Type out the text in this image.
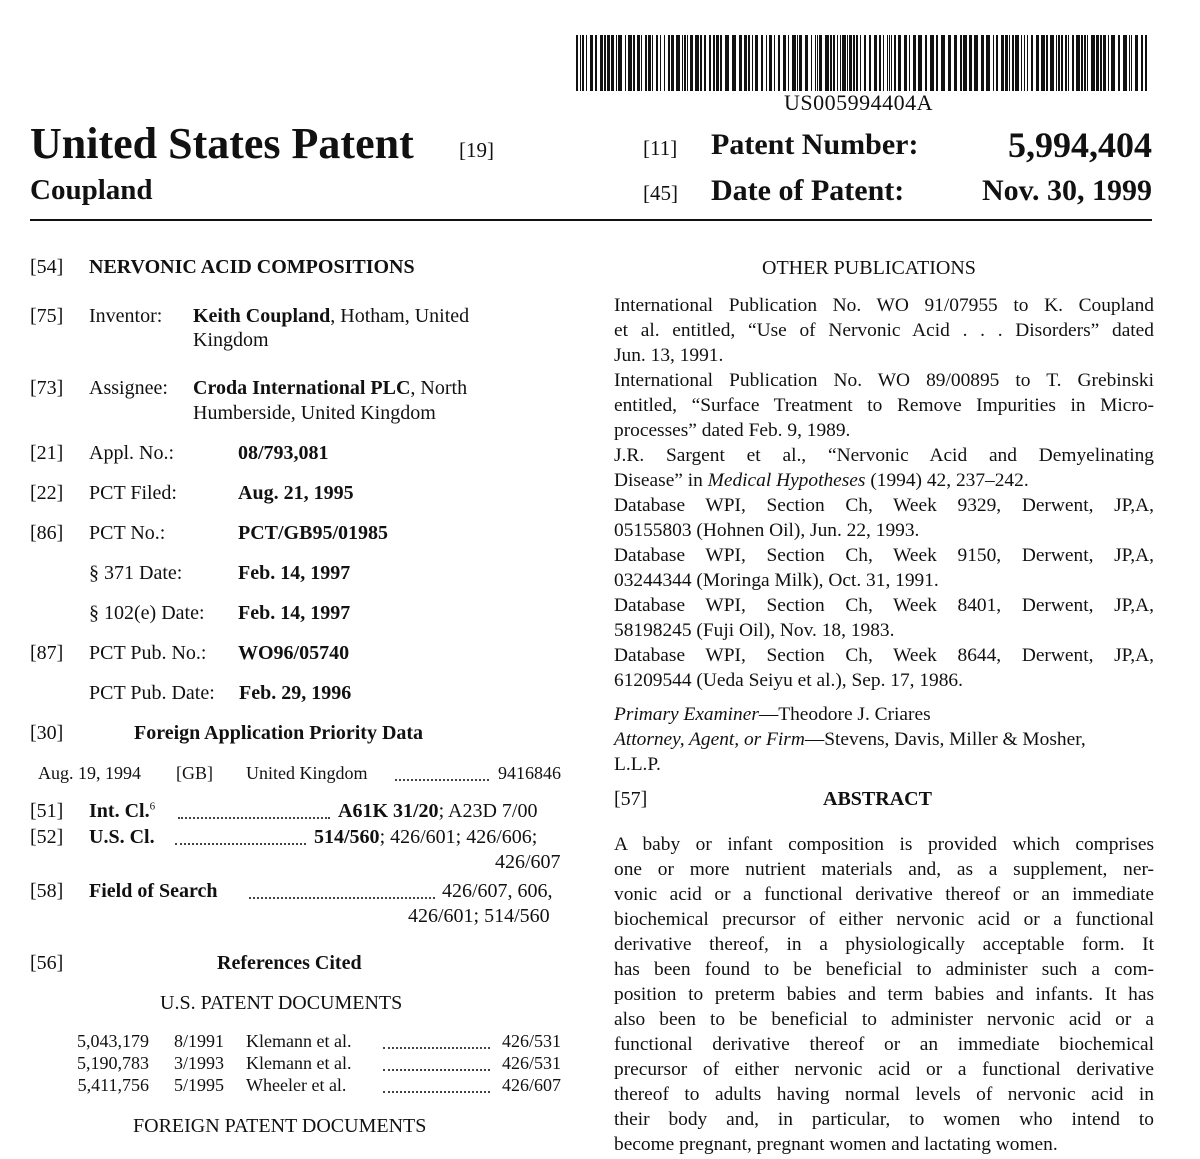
US005994404A
United States Patent [19]
Coupland
[11] Patent Number: 5,994,404
[45] Date of Patent:	Nov. 30, 1999
[54] NERVONIC ACID COMPOSITIONS
[75] Inventor: Keith Coupland, Hotham, United
Kingdom
[73] Assignee: Croda International PLC, North
Humberside, United Kingdom
[21] Appl. No.:	08/793,081
[22] PCT Filed:	Aug. 21, 1995
[86] PCT No.:	PCT/GB95/01985
§ 371 Date:	Feb. 14, 1997
§ 102(e) Date: Feb. 14, 1997
[87] PCT Pub. No.: WO96/05740
PCT Pub. Date: Feb. 29, 1996
[30]	Foreign Application Priority Data
Aug. 19, 1994 [GB] United Kingdom	9416846
[51] Int. Cl.$^6$	A61K 31/20; A23D 7/00
[52] U.S. Cl.	514/560; 426/601; 426/606;
426/607
[58] Field of Search	426/607, 606,
426/601; 514/560
[56]	References Cited
U.S. PATENT DOCUMENTS
5,043,179 8/1991 Klemann et al.	426/531
5,190,783 3/1993 Klemann et al.	426/531
5,411,756 5/1995 Wheeler et al.	426/607
FOREIGN PATENT DOCUMENTS
OTHER PUBLICATIONS
International Publication No. WO 91/07955 to K. Coupland
et al. entitled, “Use of Nervonic Acid . . . Disorders” dated
Jun. 13, 1991.
International Publication No. WO 89/00895 to T. Grebinski
entitled, “Surface Treatment to Remove Impurities in Micro-
processes” dated Feb. 9, 1989.
J.R. Sargent et al., “Nervonic Acid and Demyelinating
Disease” in Medical Hypotheses (1994) 42, 237–242.
Database WPI, Section Ch, Week 9329, Derwent, JP,A,
05155803 (Hohnen Oil), Jun. 22, 1993.
Database WPI, Section Ch, Week 9150, Derwent, JP,A,
03244344 (Moringa Milk), Oct. 31, 1991.
Database WPI, Section Ch, Week 8401, Derwent, JP,A,
58198245 (Fuji Oil), Nov. 18, 1983.
Database WPI, Section Ch, Week 8644, Derwent, JP,A,
61209544 (Ueda Seiyu et al.), Sep. 17, 1986.
Primary Examiner—Theodore J. Criares
Attorney, Agent, or Firm—Stevens, Davis, Miller & Mosher,
L.L.P.
[57]	ABSTRACT
A baby or infant composition is provided which comprises
one or more nutrient materials and, as a supplement, ner-
vonic acid or a functional derivative thereof or an immediate
biochemical precursor of either nervonic acid or a functional
derivative thereof, in a physiologically acceptable form. It
has been found to be beneficial to administer such a com-
position to preterm babies and term babies and infants. It has
also been to be beneficial to administer nervonic acid or a
functional derivative thereof or an immediate biochemical
precursor of either nervonic acid or a functional derivative
thereof to adults having normal levels of nervonic acid in
their body and, in particular, to women who intend to
become pregnant, pregnant women and lactating women.
